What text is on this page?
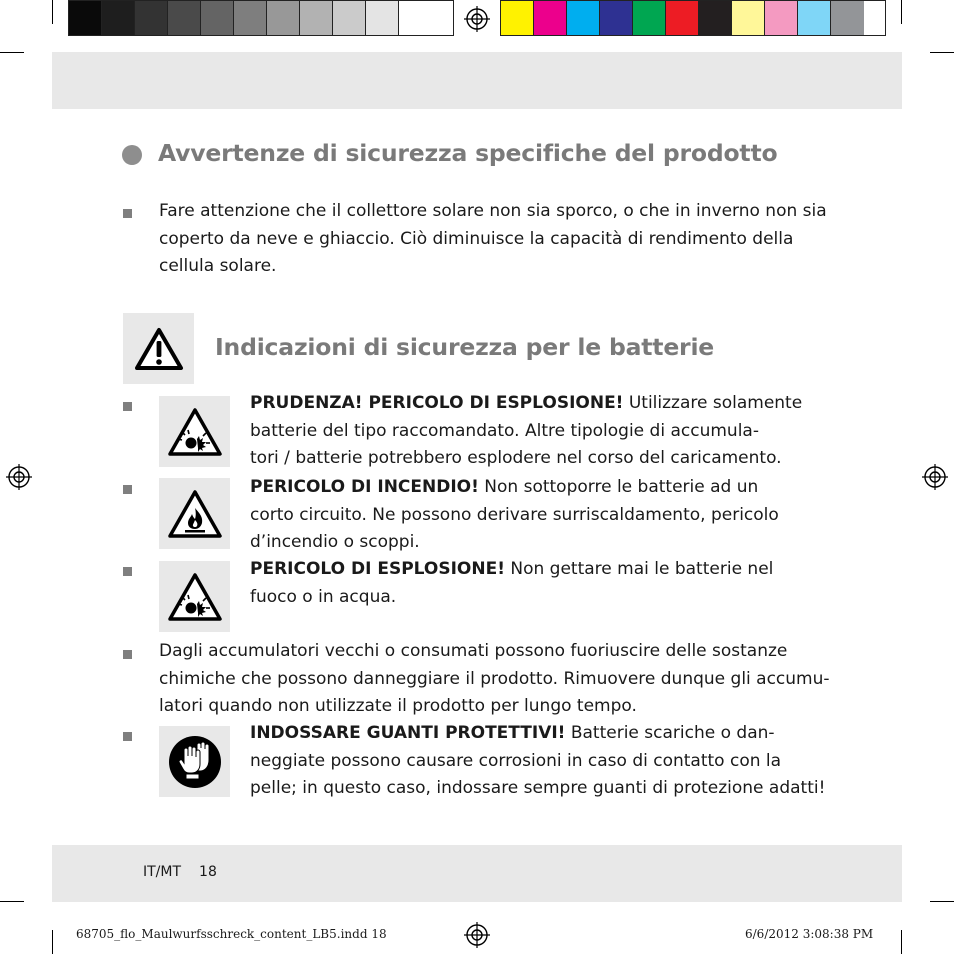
Avvertenze di sicurezza specifiche del prodotto
Fare attenzione che il collettore solare non sia sporco, o che in inverno non sia coperto da neve e ghiaccio. Ciò diminuisce la capacità di rendimento della cellula solare.
Indicazioni di sicurezza per le batterie
PRUDENZA! PERICOLO DI ESPLOSIONE! Utilizzare solamente
batterie del tipo raccomandato. Altre tipologie di accumula-
tori / batterie potrebbero esplodere nel corso del caricamento.
PERICOLO DI INCENDIO! Non sottoporre le batterie ad un
corto circuito. Ne possono derivare surriscaldamento, pericolo
d’incendio o scoppi.
PERICOLO DI ESPLOSIONE! Non gettare mai le batterie nel
fuoco o in acqua.
Dagli accumulatori vecchi o consumati possono fuoriuscire delle sostanze
chimiche che possono danneggiare il prodotto. Rimuovere dunque gli accumu-
latori quando non utilizzate il prodotto per lungo tempo.
INDOSSARE GUANTI PROTETTIVI! Batterie scariche o dan-
neggiate possono causare corrosioni in caso di contatto con la
pelle; in questo caso, indossare sempre guanti di protezione adatti!
IT/MT 18
68705_flo_Maulwurfsschreck_content_LB5.indd 18	6/6/2012 3:08:38 PM
